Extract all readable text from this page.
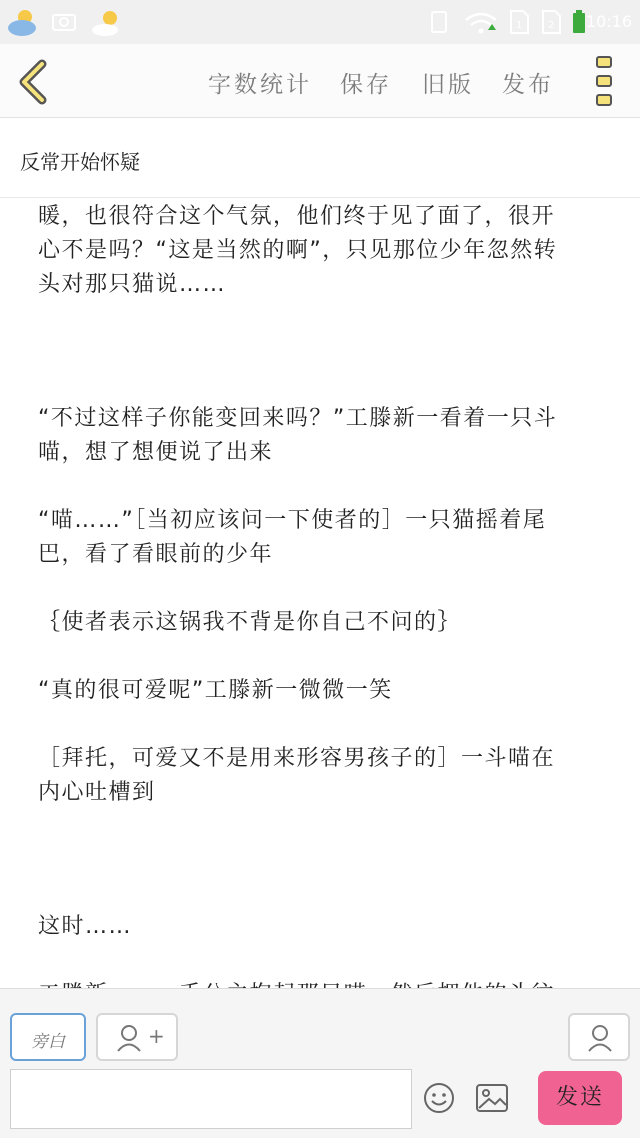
1	2 10:16
字数统计 保存 旧版 发布
反常开始怀疑

暖，也很符合这个气氛，他们终于见了面了，很开

心不是吗？“这是当然的啊”，只见那位少年忽然转

头对那只猫说……

“不过这样子你能变回来吗？”工滕新一看着一只斗

喵，想了想便说了出来

“喵……”［当初应该问一下使者的］一只猫摇着尾

巴，看了看眼前的少年

｛使者表示这锅我不背是你自己不问的｝

“真的很可爱呢”工滕新一微微一笑

［拜托，可爱又不是用来形容男孩子的］一斗喵在

内心吐槽到

这时……

旁白	+
发送
